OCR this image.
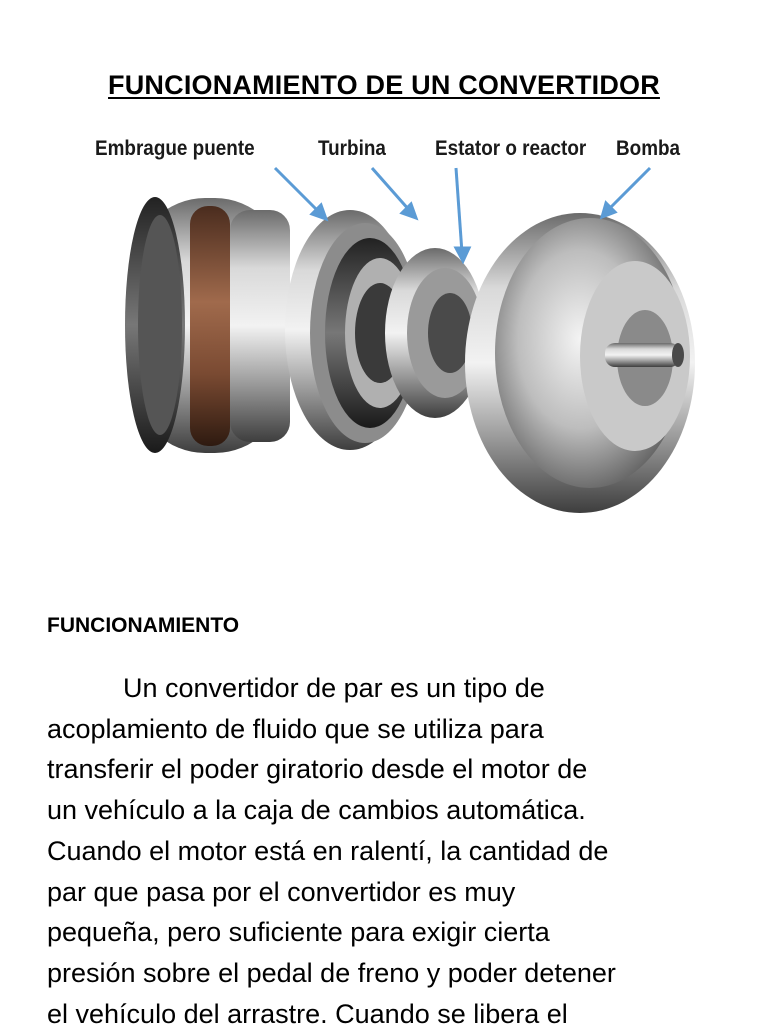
FUNCIONAMIENTO DE UN CONVERTIDOR
Embrague puente	Turbina Estator o reactor Bomba
FUNCIONAMIENTO
Un convertidor de par es un tipo de
acoplamiento de fluido que se utiliza para
transferir el poder giratorio desde el motor de
un vehículo a la caja de cambios automática.
Cuando el motor está en ralentí, la cantidad de
par que pasa por el convertidor es muy
pequeña, pero suficiente para exigir cierta
presión sobre el pedal de freno y poder detener
el vehículo del arrastre. Cuando se libera el
